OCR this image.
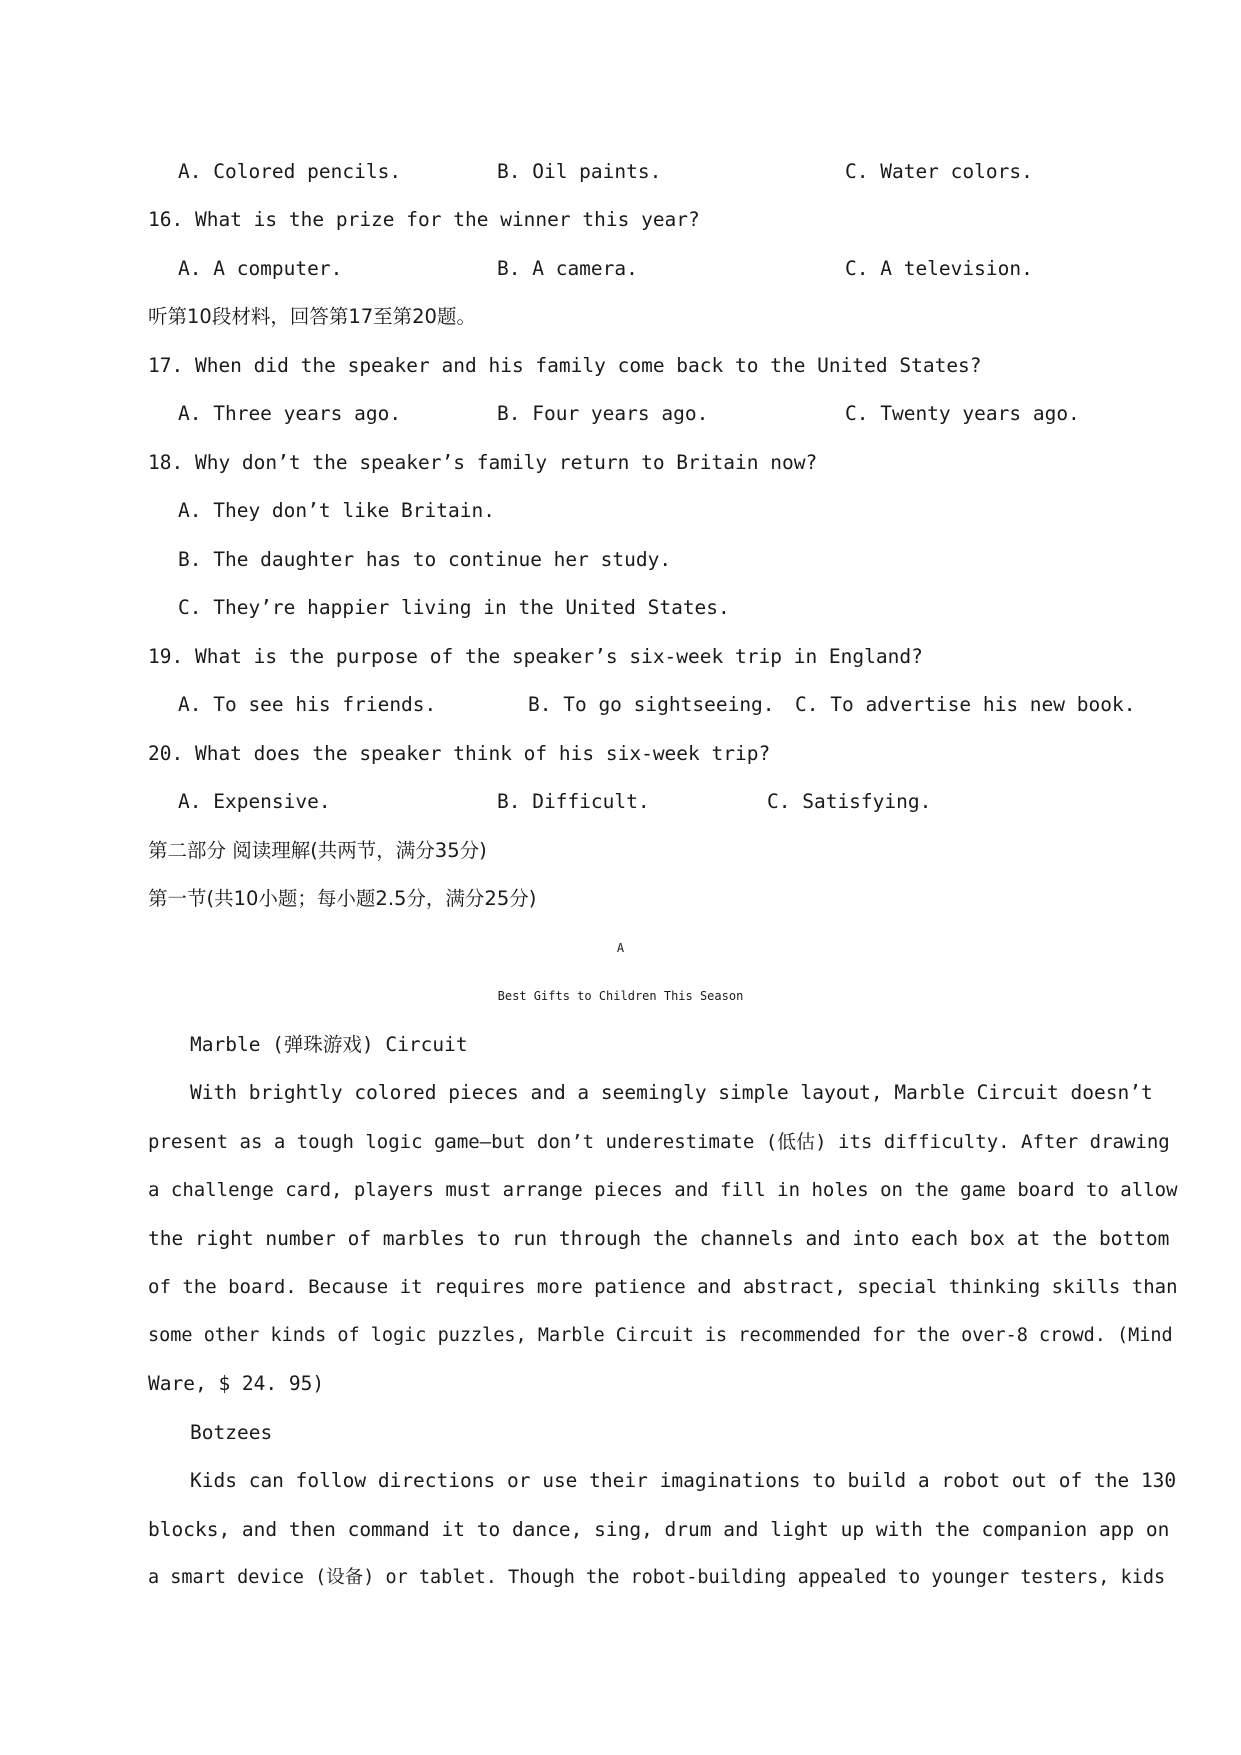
A. Colored pencils.	B. Oil paints.	C. Water colors.
16. What is the prize for the winner this year?
A. A computer.	B. A camera.	C. A television.
听第10段材料，回答第17至第20题。
17. When did the speaker and his family come back to the United States?
A. Three years ago.	B. Four years ago.	C. Twenty years ago.
18. Why don’t the speaker’s family return to Britain now?
A. They don’t like Britain.
B. The daughter has to continue her study.
C. They’re happier living in the United States.
19. What is the purpose of the speaker’s six-week trip in England?
A. To see his friends.	B. To go sightseeing. C. To advertise his new book.
20. What does the speaker think of his six-week trip?
A. Expensive.	B. Difficult.	C. Satisfying.
第二部分 阅读理解(共两节，满分35分)
第一节(共10小题；每小题2.5分，满分25分)
A
Best Gifts to Children This Season
Marble (弹珠游戏) Circuit
With brightly colored pieces and a seemingly simple layout, Marble Circuit doesn’t
present as a tough logic game—but don’t underestimate (低估) its difficulty. After drawing
a challenge card, players must arrange pieces and fill in holes on the game board to allow
the right number of marbles to run through the channels and into each box at the bottom
of the board. Because it requires more patience and abstract, special thinking skills than
some other kinds of logic puzzles, Marble Circuit is recommended for the over-8 crowd. (Mind
Ware, $ 24. 95)
Botzees
Kids can follow directions or use their imaginations to build a robot out of the 130
blocks, and then command it to dance, sing, drum and light up with the companion app on
a smart device (设备) or tablet. Though the robot-building appealed to younger testers, kids
